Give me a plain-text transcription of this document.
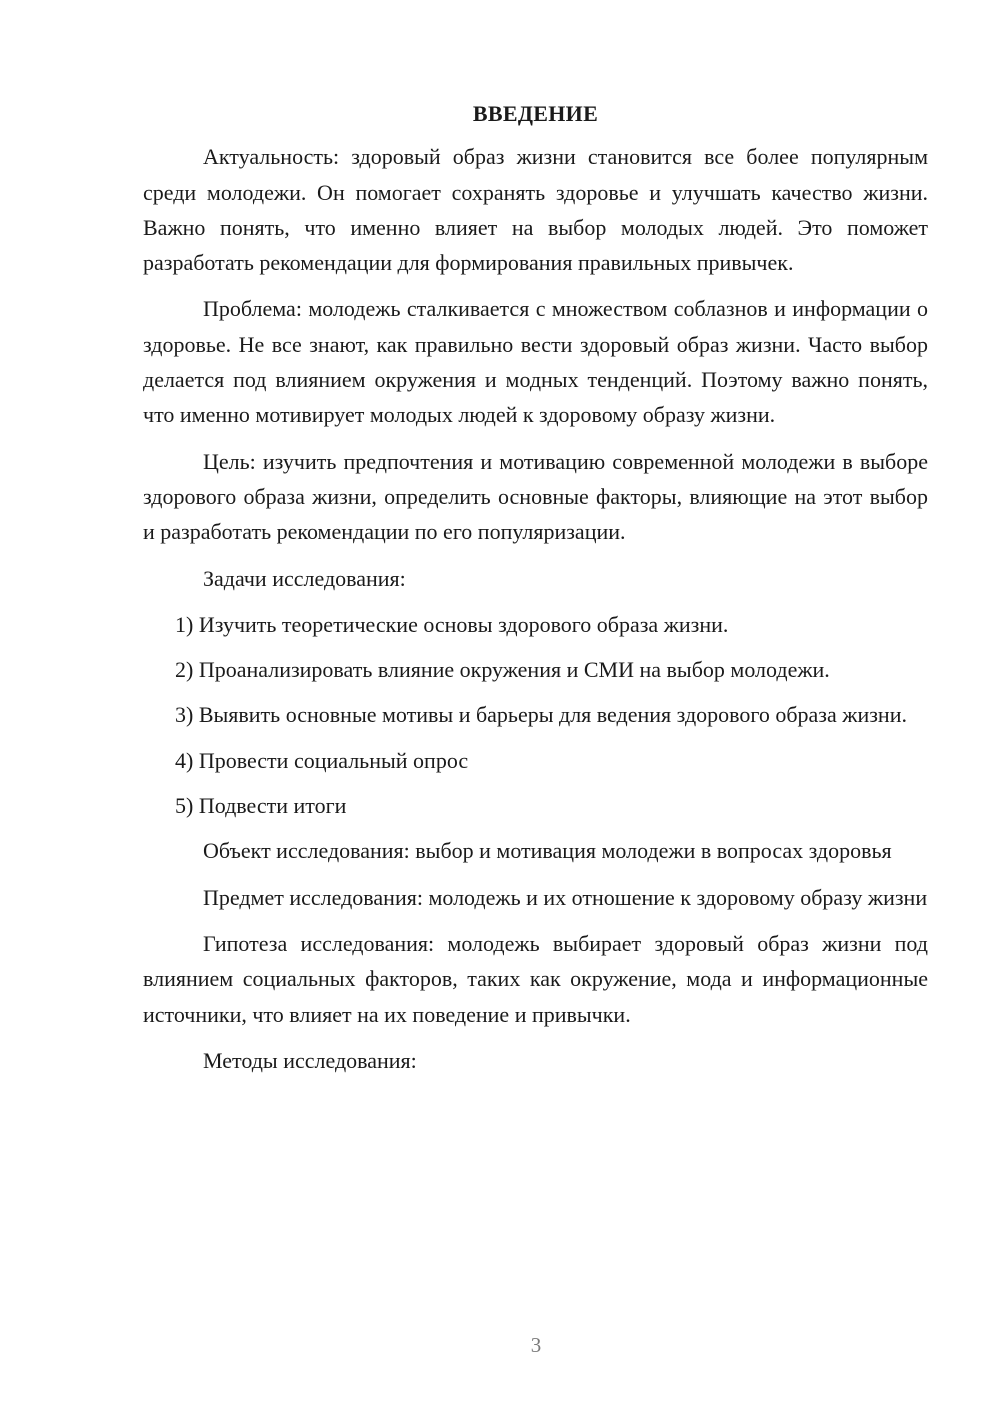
ВВЕДЕНИЕ

Актуальность: здоровый образ жизни становится все более популярным среди молодежи. Он помогает сохранять здоровье и улучшать качество жизни. Важно понять, что именно влияет на выбор молодых людей. Это поможет разработать рекомендации для формирования правильных привычек.

Проблема: молодежь сталкивается с множеством соблазнов и информации о здоровье. Не все знают, как правильно вести здоровый образ жизни. Часто выбор делается под влиянием окружения и модных тенденций. Поэтому важно понять, что именно мотивирует молодых людей к здоровому образу жизни.

Цель: изучить предпочтения и мотивацию современной молодежи в выборе здорового образа жизни, определить основные факторы, влияющие на этот выбор и разработать рекомендации по его популяризации.

Задачи исследования:

1) Изучить теоретические основы здорового образа жизни.

2) Проанализировать влияние окружения и СМИ на выбор молодежи.

3) Выявить основные мотивы и барьеры для ведения здорового образа жизни.

4) Провести социальный опрос

5) Подвести итоги

Объект исследования: выбор и мотивация молодежи в вопросах здоровья

Предмет исследования: молодежь и их отношение к здоровому образу жизни

Гипотеза исследования: молодежь выбирает здоровый образ жизни под влиянием социальных факторов, таких как окружение, мода и информационные источники, что влияет на их поведение и привычки.

Методы исследования:

3
